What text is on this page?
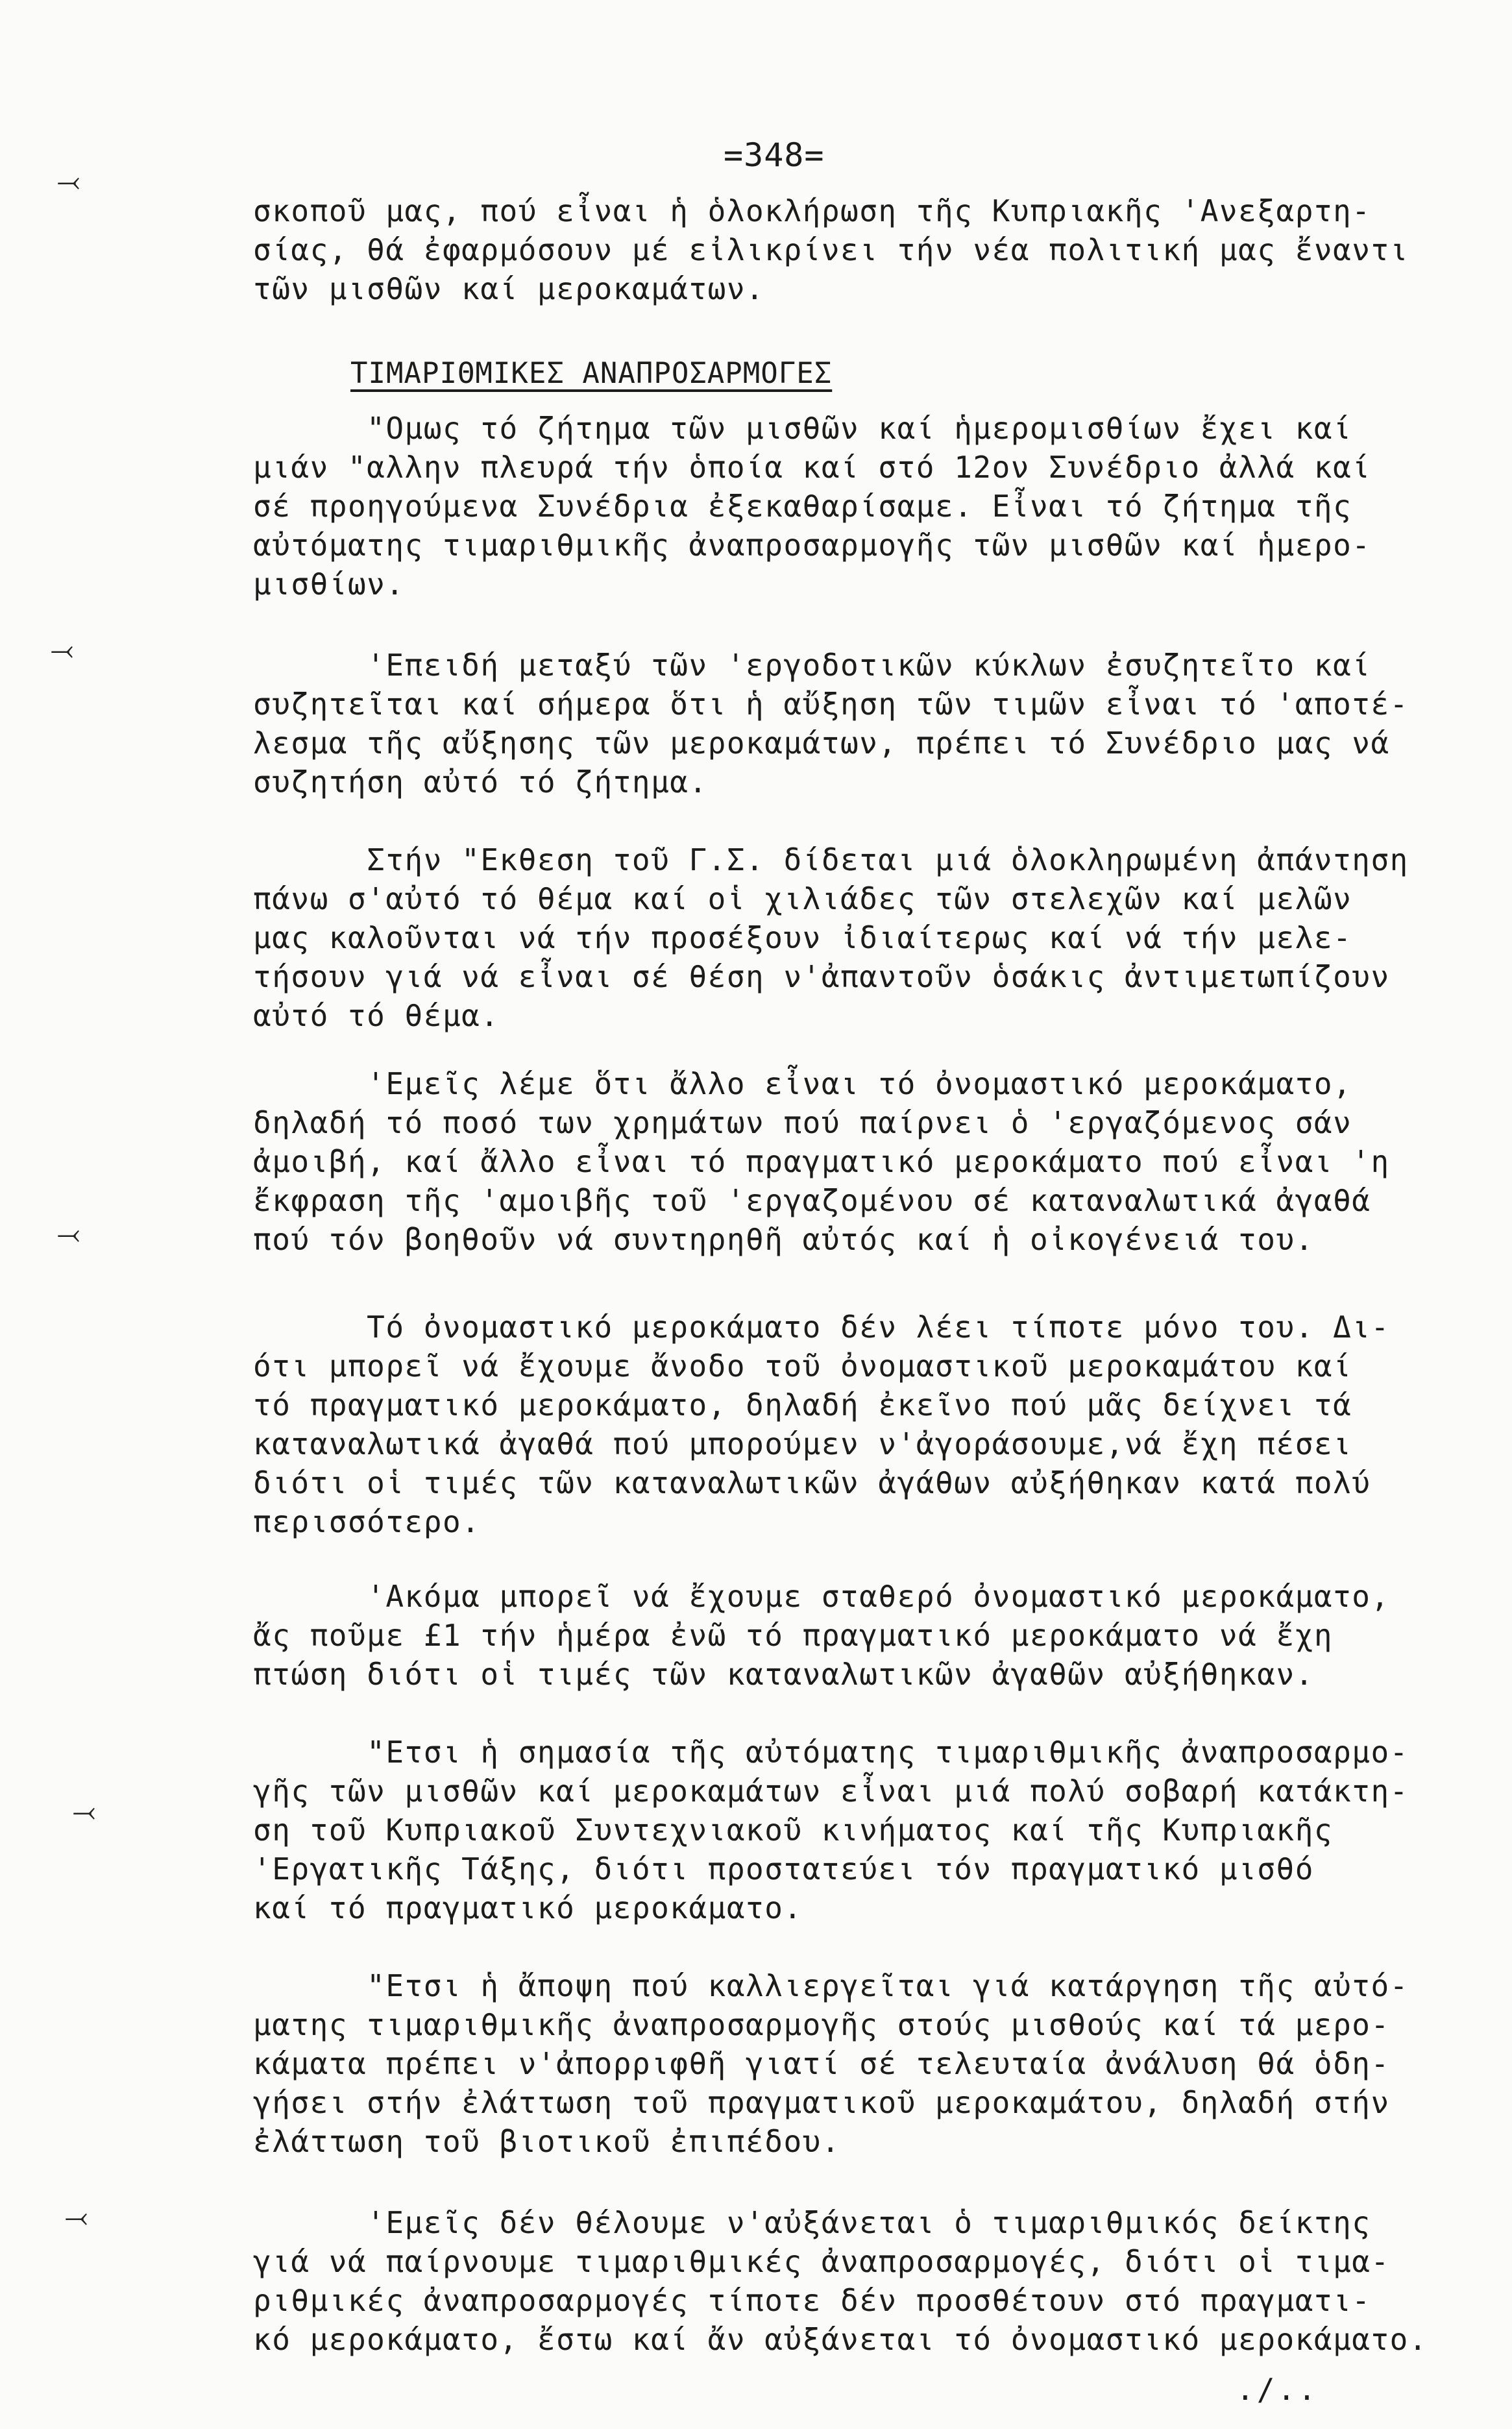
=348=
⤙
⤙
⤙
⤙
⤙
σκοποῦ μας, πού εἶναι ἡ ὁλοκλήρωση τῆς Κυπριακῆς 'Ανεξαρτη-
σίας, θά ἐφαρμόσουν μέ εἰλικρίνει τήν νέα πολιτική μας ἔναντι
τῶν μισθῶν καί μεροκαμάτων.
ΤΙΜΑΡΙΘΜΙΚΕΣ ΑΝΑΠΡΟΣΑΡΜΟΓΕΣ
"Ομως τό ζήτημα τῶν μισθῶν καί ἡμερομισθίων ἔχει καί
μιάν "αλλην πλευρά τήν ὁποία καί στό 12ον Συνέδριο ἀλλά καί
σέ προηγούμενα Συνέδρια ἐξεκαθαρίσαμε. Εἶναι τό ζήτημα τῆς
αὐτόματης τιμαριθμικῆς ἀναπροσαρμογῆς τῶν μισθῶν καί ἡμερο-
μισθίων.
'Επειδή μεταξύ τῶν 'εργοδοτικῶν κύκλων ἐσυζητεῖτο καί
συζητεῖται καί σήμερα ὅτι ἡ αὔξηση τῶν τιμῶν εἶναι τό 'αποτέ-
λεσμα τῆς αὔξησης τῶν μεροκαμάτων, πρέπει τό Συνέδριο μας νά
συζητήση αὐτό τό ζήτημα.
Στήν "Εκθεση τοῦ Γ.Σ. δίδεται μιά ὁλοκληρωμένη ἀπάντηση
πάνω σ'αὐτό τό θέμα καί οἱ χιλιάδες τῶν στελεχῶν καί μελῶν
μας καλοῦνται νά τήν προσέξουν ἰδιαίτερως καί νά τήν μελε-
τήσουν γιά νά εἶναι σέ θέση ν'ἀπαντοῦν ὁσάκις ἀντιμετωπίζουν
αὐτό τό θέμα.
'Εμεῖς λέμε ὅτι ἄλλο εἶναι τό ὀνομαστικό μεροκάματο,
δηλαδή τό ποσό των χρημάτων πού παίρνει ὁ 'εργαζόμενος σάν
ἀμοιβή, καί ἄλλο εἶναι τό πραγματικό μεροκάματο πού εἶναι 'η
ἔκφραση τῆς 'αμοιβῆς τοῦ 'εργαζομένου σέ καταναλωτικά ἀγαθά
πού τόν βοηθοῦν νά συντηρηθῆ αὐτός καί ἡ οἰκογένειά του.
Τό ὀνομαστικό μεροκάματο δέν λέει τίποτε μόνο του. Δι-
ότι μπορεῖ νά ἔχουμε ἄνοδο τοῦ ὀνομαστικοῦ μεροκαμάτου καί
τό πραγματικό μεροκάματο, δηλαδή ἐκεῖνο πού μᾶς δείχνει τά
καταναλωτικά ἀγαθά πού μπορούμεν ν'ἀγοράσουμε,νά ἔχη πέσει
διότι οἱ τιμές τῶν καταναλωτικῶν ἀγάθων αὐξήθηκαν κατά πολύ
περισσότερο.
'Ακόμα μπορεῖ νά ἔχουμε σταθερό ὀνομαστικό μεροκάματο,
ἄς ποῦμε £1 τήν ἡμέρα ἐνῶ τό πραγματικό μεροκάματο νά ἔχη
πτώση διότι οἱ τιμές τῶν καταναλωτικῶν ἀγαθῶν αὐξήθηκαν.
"Ετσι ἡ σημασία τῆς αὐτόματης τιμαριθμικῆς ἀναπροσαρμο-
γῆς τῶν μισθῶν καί μεροκαμάτων εἶναι μιά πολύ σοβαρή κατάκτη-
ση τοῦ Κυπριακοῦ Συντεχνιακοῦ κινήματος καί τῆς Κυπριακῆς
'Εργατικῆς Τάξης, διότι προστατεύει τόν πραγματικό μισθό
καί τό πραγματικό μεροκάματο.
"Ετσι ἡ ἄποψη πού καλλιεργεῖται γιά κατάργηση τῆς αὐτό-
ματης τιμαριθμικῆς ἀναπροσαρμογῆς στούς μισθούς καί τά μερο-
κάματα πρέπει ν'ἀπορριφθῆ γιατί σέ τελευταία ἀνάλυση θά ὁδη-
γήσει στήν ἐλάττωση τοῦ πραγματικοῦ μεροκαμάτου, δηλαδή στήν
ἐλάττωση τοῦ βιοτικοῦ ἐπιπέδου.
'Εμεῖς δέν θέλουμε ν'αὐξάνεται ὁ τιμαριθμικός δείκτης
γιά νά παίρνουμε τιμαριθμικές ἀναπροσαρμογές, διότι οἱ τιμα-
ριθμικές ἀναπροσαρμογές τίποτε δέν προσθέτουν στό πραγματι-
κό μεροκάματο, ἔστω καί ἄν αὐξάνεται τό ὀνομαστικό μεροκάματο.
./..
